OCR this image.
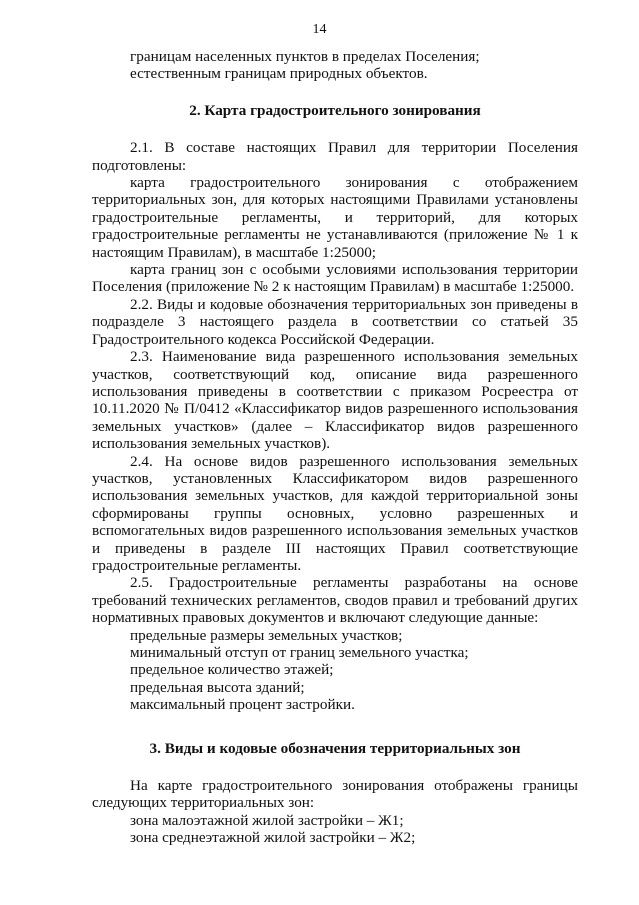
14

границам населенных пунктов в пределах Поселения;

естественным границам природных объектов.

2. Карта градостроительного зонирования

2.1. В составе настоящих Правил для территории Поселения подготовлены:

карта градостроительного зонирования с отображением территориальных зон, для которых настоящими Правилами установлены градостроительные регламенты, и территорий, для которых градостроительные регламенты не устанавливаются (приложение № 1 к настоящим Правилам), в масштабе 1:25000;

карта границ зон с особыми условиями использования территории Поселения (приложение № 2 к настоящим Правилам) в масштабе 1:25000.

2.2. Виды и кодовые обозначения территориальных зон приведены в подразделе 3 настоящего раздела в соответствии со статьей 35 Градостроительного кодекса Российской Федерации.

2.3. Наименование вида разрешенного использования земельных участков, соответствующий код, описание вида разрешенного использования приведены в соответствии с приказом Росреестра от 10.11.2020 № П/0412 «Классификатор видов разрешенного использования земельных участков» (далее – Классификатор видов разрешенного использования земельных участков).

2.4. На основе видов разрешенного использования земельных участков, установленных Классификатором видов разрешенного использования земельных участков, для каждой территориальной зоны сформированы группы основных, условно разрешенных и вспомогательных видов разрешенного использования земельных участков и приведены в разделе III настоящих Правил соответствующие градостроительные регламенты.

2.5. Градостроительные регламенты разработаны на основе требований технических регламентов, сводов правил и требований других нормативных правовых документов и включают следующие данные:

предельные размеры земельных участков;

минимальный отступ от границ земельного участка;

предельное количество этажей;

предельная высота зданий;

максимальный процент застройки.

3. Виды и кодовые обозначения территориальных зон

На карте градостроительного зонирования отображены границы следующих территориальных зон:

зона малоэтажной жилой застройки – Ж1;

зона среднеэтажной жилой застройки – Ж2;
